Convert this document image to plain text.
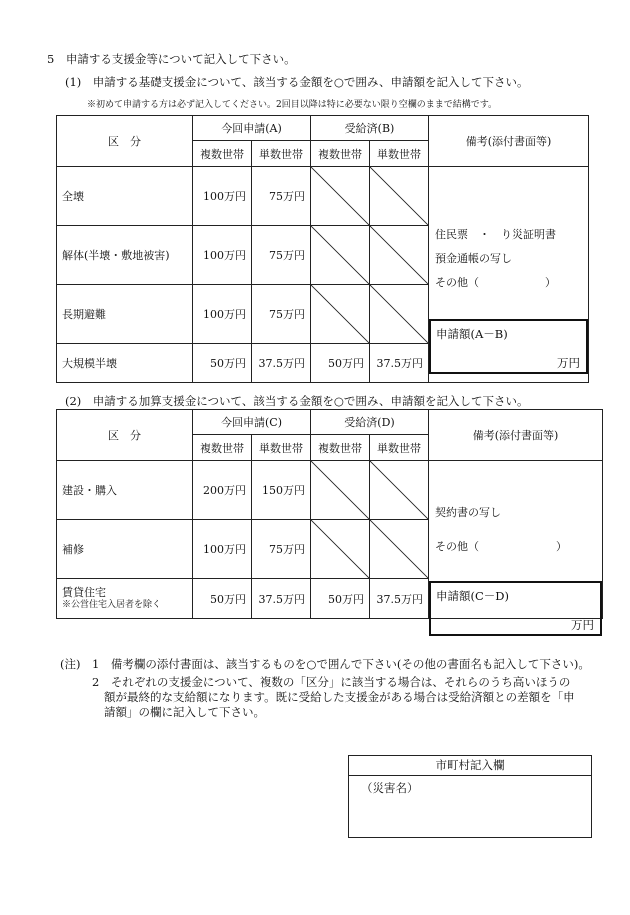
5　申請する支援金等について記入して下さい。
(1)　申請する基礎支援金について、該当する金額を○で囲み、申請額を記入して下さい。
※初めて申請する方は必ず記入してください。2回目以降は特に必要ない限り空欄のままで結構です。
区　分	今回申請(A)		受給済(B)		備考(添付書面等)
	複数世帯	単数世帯	複数世帯	単数世帯	
全壊	100万円	75万円			住民票　・　り災証明書
預金通帳の写し
その他（　　　　　　）

解体(半壊・敷地被害)	100万円	75万円	

長期避難	100万円	75万円	

大規模半壊	50万円	37.5万円	50万円	37.5万円	
申請額(A－B)
万円
(2)　申請する加算支援金について、該当する金額を○で囲み、申請額を記入して下さい。
区　分	今回申請(C)		受給済(D)		備考(添付書面等)
	複数世帯	単数世帯	複数世帯	単数世帯	
建設・購入	200万円	150万円			契約書の写し
その他（　　　　　　　）

補修	100万円	75万円	

賃貸住宅
※公営住宅入居者を除く	50万円	37.5万円	50万円	37.5万円	申請額(C－D)
万円
(注) 1　備考欄の添付書面は、該当するものを○で囲んで下さい(その他の書面名も記入して下さい)。
2　それぞれの支援金について、複数の「区分」に該当する場合は、それらのうち高いほうの
額が最終的な支給額になります。既に受給した支援金がある場合は受給済額との差額を「申
請額」の欄に記入して下さい。
市町村記入欄
（災害名）
